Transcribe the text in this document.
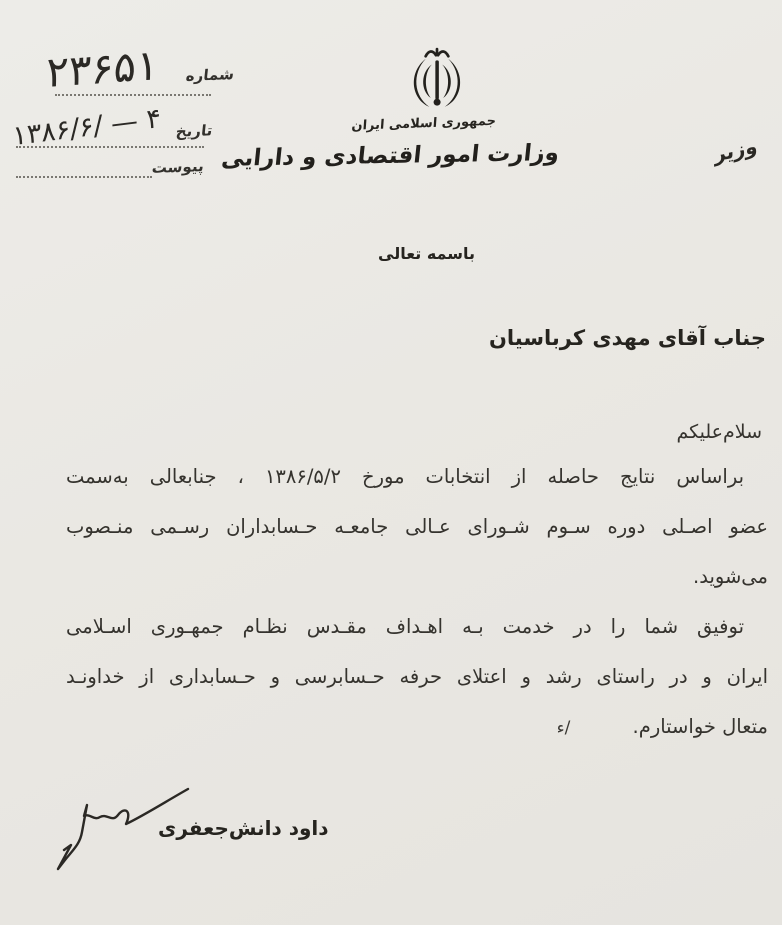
شماره
۲۳۶۵۱
تاریخ
۱۳۸۶/۶/ — ۴
پیوست
جمهوری اسلامی ایران
وزارت امور اقتصادی و دارایی	وزیر
باسمه تعالی
جناب آقای مهدی کرباسیان
سلام‌علیکم
براساس نتایج حاصله از انتخابات مورخ ۱۳۸۶/۵/۲ ، جنابعالی به‌سمت
عضو اصـلی دوره سـوم شـورای عـالی جامعـه حـسابداران رسـمی منـصوب
می‌شوید.
توفیق شما را در خدمت بـه اهـداف مقـدس نظـام جمهـوری اسـلامی
ایران و در راستای رشد و اعتلای حرفه حـسابرسی و حـسابداری از خداونـد
متعال خواستارم. /ء
داود دانش‌جعفری
